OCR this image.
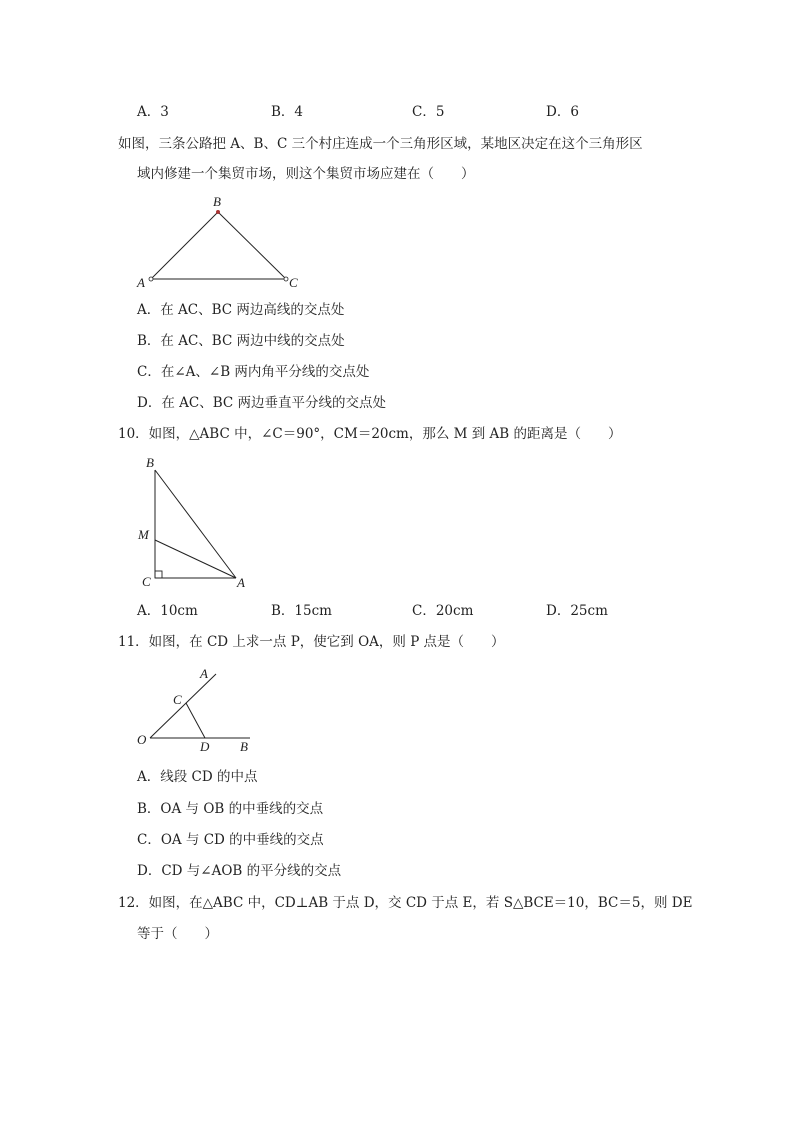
A．3	B．4	C．5	D．6
如图，三条公路把 A、B、C 三个村庄连成一个三角形区域，某地区决定在这个三角形区
域内修建一个集贸市场，则这个集贸市场应建在（　　）
B
A	C
A．在 AC、BC 两边高线的交点处
B．在 AC、BC 两边中线的交点处
C．在∠A、∠B 两内角平分线的交点处
D．在 AC、BC 两边垂直平分线的交点处
10．如图，△ABC 中，∠C＝90°，CM＝20cm，那么 M 到 AB 的距离是（　　）
B
M
C	A
A．10cm	B．15cm	C．20cm	D．25cm
11．如图，在 CD 上求一点 P，使它到 OA，则 P 点是（　　）
A
C
O	D B
A．线段 CD 的中点
B．OA 与 OB 的中垂线的交点
C．OA 与 CD 的中垂线的交点
D．CD 与∠AOB 的平分线的交点
12．如图，在△ABC 中，CD⊥AB 于点 D，交 CD 于点 E，若 S△BCE＝10，BC＝5，则 DE
等于（　　）
